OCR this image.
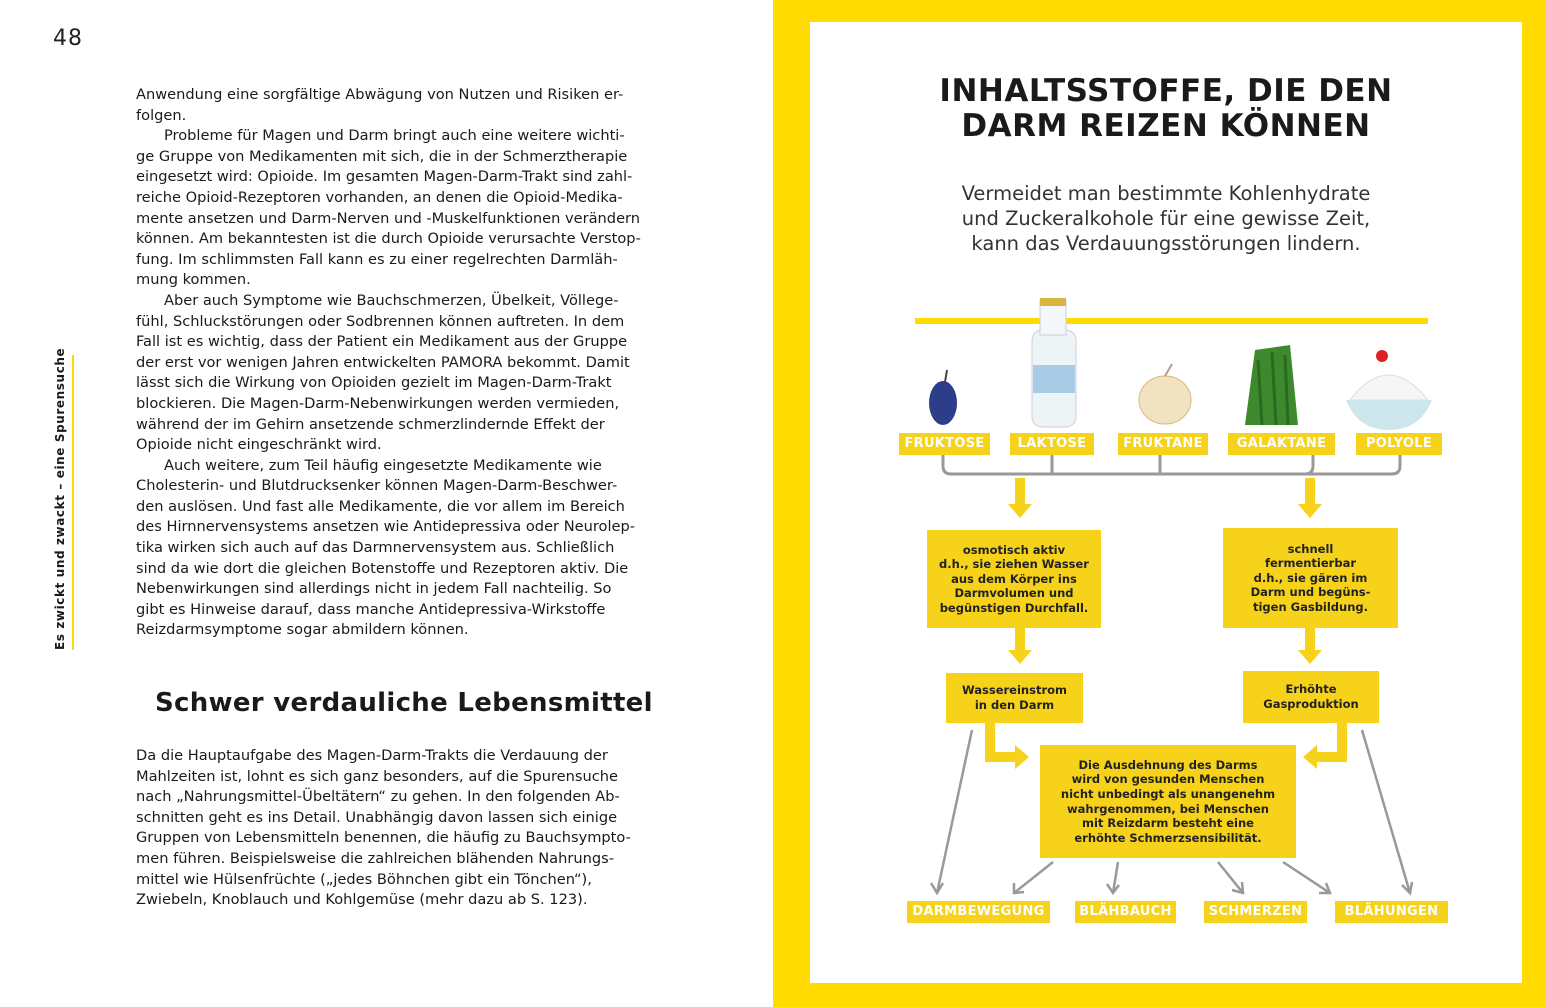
48
Es zwickt und zwackt – eine Spurensuche
Anwendung eine sorgfältige Abwägung von Nutzen und Risiken er-
folgen.
Probleme für Magen und Darm bringt auch eine weitere wichti-
ge Gruppe von Medikamenten mit sich, die in der Schmerztherapie
eingesetzt wird: Opioide. Im gesamten Magen-Darm-Trakt sind zahl-
reiche Opioid-Rezeptoren vorhanden, an denen die Opioid-Medika-
mente ansetzen und Darm-Nerven und -Muskelfunktionen verändern
können. Am bekanntesten ist die durch Opioide verursachte Verstop-
fung. Im schlimmsten Fall kann es zu einer regelrechten Darmläh-
mung kommen.
Aber auch Symptome wie Bauchschmerzen, Übelkeit, Völlege-
fühl, Schluckstörungen oder Sodbrennen können auftreten. In dem
Fall ist es wichtig, dass der Patient ein Medikament aus der Gruppe
der erst vor wenigen Jahren entwickelten PAMORA bekommt. Damit
lässt sich die Wirkung von Opioiden gezielt im Magen-Darm-Trakt
blockieren. Die Magen-Darm-Nebenwirkungen werden vermieden,
während der im Gehirn ansetzende schmerzlindernde Effekt der
Opioide nicht eingeschränkt wird.
Auch weitere, zum Teil häufig eingesetzte Medikamente wie
Cholesterin- und Blutdrucksenker können Magen-Darm-Beschwer-
den auslösen. Und fast alle Medikamente, die vor allem im Bereich
des Hirnnervensystems ansetzen wie Antidepressiva oder Neurolep-
tika wirken sich auch auf das Darmnervensystem aus. Schließlich
sind da wie dort die gleichen Botenstoffe und Rezeptoren aktiv. Die
Nebenwirkungen sind allerdings nicht in jedem Fall nachteilig. So
gibt es Hinweise darauf, dass manche Antidepressiva-Wirkstoffe
Reizdarmsymptome sogar abmildern können.
Schwer verdauliche Lebensmittel
Da die Hauptaufgabe des Magen-Darm-Trakts die Verdauung der
Mahlzeiten ist, lohnt es sich ganz besonders, auf die Spurensuche
nach „Nahrungsmittel-Übeltätern“ zu gehen. In den folgenden Ab-
schnitten geht es ins Detail. Unabhängig davon lassen sich einige
Gruppen von Lebensmitteln benennen, die häufig zu Bauchsympto-
men führen. Beispielsweise die zahlreichen blähenden Nahrungs-
mittel wie Hülsenfrüchte („jedes Böhnchen gibt ein Tönchen“),
Zwiebeln, Knoblauch und Kohlgemüse (mehr dazu ab S. 123).
INHALTSSTOFFE, DIE DEN
DARM REIZEN KÖNNEN
Vermeidet man bestimmte Kohlenhydrate
und Zuckeralkohole für eine gewisse Zeit,
kann das Verdauungsstörungen lindern.
FRUKTOSE	LAKTOSE	FRUKTANE	GALAKTANE	POLYOLE
DARMBEWEGUNG	BLÄHBAUCH	SCHMERZEN	BLÄHUNGEN
osmotisch aktiv
d.h., sie ziehen Wasser
aus dem Körper ins
Darmvolumen und
begünstigen Durchfall.
schnell
fermentierbar
d.h., sie gären im
Darm und begüns-
tigen Gasbildung.
Wassereinstrom
in den Darm
Erhöhte
Gasproduktion
Die Ausdehnung des Darms
wird von gesunden Menschen
nicht unbedingt als unangenehm
wahrgenommen, bei Menschen
mit Reizdarm besteht eine
erhöhte Schmerzsensibilität.
